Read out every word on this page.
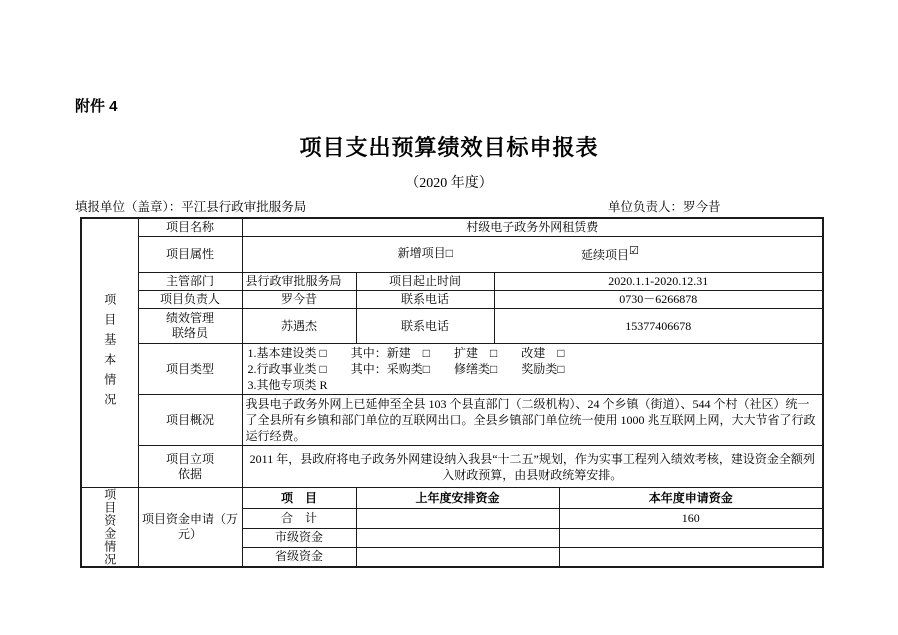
附件 4
项目支出预算绩效目标申报表
（2020 年度）
填报单位（盖章）：平江县行政审批服务局	单位负责人：罗今昔
项目基本情况	项目名称	村级电子政务外网租赁费			
	项目属性	新增项目□ 延续项目☑			

	主管部门	县行政审批服务局	项目起止时间	2020.1.1-2020.12.31	
	项目负责人	罗今昔	联系电话	0730－6266878	

	绩效管理联络员	苏遇杰	联系电话	15377406678	
	项目类型	1.基本建设类 □　　其中：新建　□　　扩建　□　　改建　□
2.行政事业类 □　　其中：采购类□　　修缮类□　　奖励类□
3.其他专项类 R			

	项目概况	我县电子政务外网上已延伸至全县 103 个县直部门（二级机构）、24 个乡镇（街道）、544 个村（社区）统一了全县所有乡镇和部门单位的互联网出口。全县乡镇部门单位统一使用 1000 兆互联网上网，大大节省了行政运行经费。			

	项目立项依据	2011 年，县政府将电子政务外网建设纳入我县“十二五”规划，作为实事工程列入绩效考核，建设资金全额列入财政预算，由县财政统筹安排。			

项目资金情况	项目资金申请（万元）	项　目	上年度安排资金		本年度申请资金
		合　计			160
		市级资金			
		省级资金			
